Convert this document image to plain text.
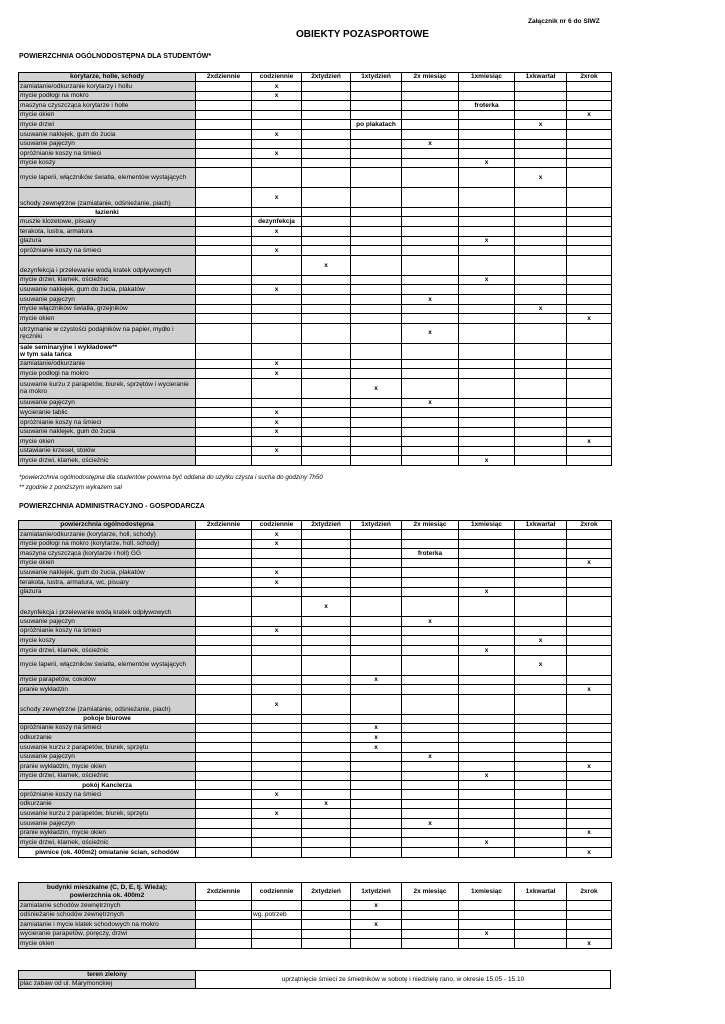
Załącznik nr 6 do SIWZ
OBIEKTY POZASPORTOWE
POWIERZCHNIA OGÓLNODOSTĘPNA DLA STUDENTÓW*
korytarze, holle, schody	2xdziennie	codziennie	2xtydzień	1xtydzień	2x miesiąc	1xmiesiąc	1xkwartał	2xrok
zamiatanie/odkurzanie korytarzy i hollu		x						
mycie podłogi na mokro		x						
maszyna czyszcząca korytarze i holle						froterka		
mycie okien								x
mycie drzwi				po plakatach			x	
usuwanie naklejek, gum do żucia		x						
usuwanie pajęczyn					x			
opróżnianie koszy na śmieci		x						
mycie koszy						x		
mycie laperii, włączników światła, elementów wystających							x	
schody zewnętrzne (zamiatanie, odśnieżanie, piach)		x						
łazienki								
muszle klozetowe, pisuary		dezynfekcja						
terakota, lustra, armatura		x						
glazura						x		
opróżnianie koszy na śmieci		x						
dezynfekcja i przelewanie wodą kratek odpływowych			x					
mycie drzwi, klamek, ościeżnic						x		
usuwanie naklejek, gum do żucia, plakatów		x						
usuwanie pajęczyn					x			
mycie włączników światła, grzejników							x	
mycie okien								x
utrzymanie w czystości podajników na papier, mydło i ręczniki					x			

sale seminaryjne i wykładowe**
w tym sala tańca								

zamiatanie/odkurzanie		x						
mycie podłogi na mokro		x						
usuwanie kurzu z parapetów, biurek, sprzętów i wycieranie na mokro				x				
usuwanie pajęczyn					x			
wycieranie tablic		x						
opróżnianie koszy na śmieci		x						
usuwanie naklejek, gum do żucia		x						
mycie okien								x
ustawianie krzeseł, stołów		x						
mycie drzwi, klamek, ościeżnic						x		
*powierzchnia ogólnodostępna dla studentów powinna być oddana do użytku czysta i sucha do godziny 7h50
** zgodnie z poniższym wykazem sal
POWIERZCHNIA ADMINISTRACYJNO - GOSPODARCZA
powierzchnia ogólnodostępna	2xdziennie	codziennie	2xtydzień	1xtydzień	2x miesiąc	1xmiesiąc	1xkwartał	2xrok
zamiatanie/odkurzanie (korytarze, holl, schody)		x						
mycie podłogi na mokro (korytarze, holl, schody)		x						
maszyna czyszcząca (korytarze i holl) GG					froterka			
mycie okien								x
usuwanie naklejek, gum do żucia, plakatów		x						
terakota, lustra, armatura, wc, pisuary		x						
glazura						x		
dezynfekcja i przelewanie wodą kratek odpływowych			x					
usuwanie pajęczyn					x			
opróżnianie koszy na śmieci		x						
mycie koszy							x	
mycie drzwi, klamek, ościeżnic						x		
mycie laperii, włączników światła, elementów wystających							x	
mycie parapetów, cokołów				x				
pranie wykładzin								x
schody zewnętrzne (zamiatanie, odśnieżanie, piach)		x						
pokoje biurowe								
opróżnianie koszy na śmieci				x				
odkurzanie				x				
usuwanie kurzu z parapetów, biurek, sprzętu				x				
usuwanie pajęczyn					x			
pranie wykładzin, mycie okien								x
mycie drzwi, klamek, ościeżnic						x		
pokój Kanclerza								
opróżnianie koszy na śmieci		x						
odkurzanie			x					
usuwanie kurzu z parapetów, biurek, sprzętu		x						
usuwanie pajęczyn					x			
pranie wykładzin, mycie okien								x
mycie drzwi, klamek, ościeżnic						x		
piwnice (ok. 400m2) omiatanie ścian, schodów								x
budynki mieszkalne (C, D, E, tj. Wieża);
powierzchnia ok. 400m2	2xdziennie	codziennie	2xtydzień	1xtydzień	2x miesiąc	1xmiesiąc	1xkwartał	2xrok
zamiatanie schodów zewnętrznych				x				
odśnieżanie schodów zewnętrznych		wg. potrzeb						
zamiatanie i mycie klatek schodowych na mokro				x				
wycieranie parapetów, poręczy, drzwi						x		
mycie okien								x
teren zielony	uprzątnięcie śmieci ze śmietników w sobotę i niedzielę rano, w okresie 15.05 - 15.10
plac zabaw od ul. Marymonckiej
